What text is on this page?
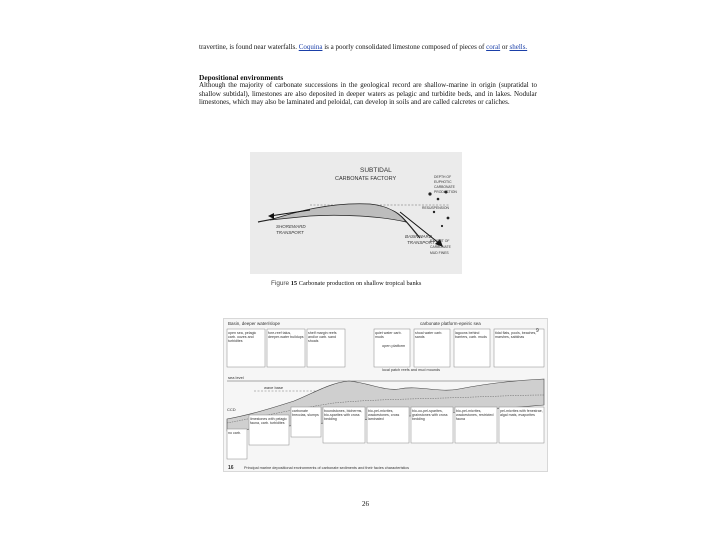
travertine, is found near waterfalls. Coquina is a poorly consolidated limestone composed of pieces of coral or shells.
Depositional environments
Although the majority of carbonate successions in the geological record are shallow-marine in origin (supratidal to shallow subtidal), limestones are also deposited in deeper waters as pelagic and turbidite beds, and in lakes. Nodular limestones, which may also be laminated and peloidal, can develop in soils and are called calcretes or caliches.
SUBTIDAL
CARBONATE FACTORY	DEPTH OF
EUPHOTIC
CARBONATE
PRODUCTION
RESUSPENSION
SHOREWARD
TRANSPORT
BASINWARD
TRANSPORT
EXPORT OF
CARBONATE
MUD FINES
Figure 15 Carbonate production on shallow tropical banks
Basin, deeper water/slope	carbonate platform-epeiric sea
9
open sea, pelagic carb. oozes and turbidites
fore-reef talus, deeper-water buildups
shelf margin reefs and/or carb. sand shoals
quiet water carb. muds
shoal water carb. sands
lagoons behind barriers, carb. muds
tidal flats, pools, beaches, marshes, sabkhas
open platform
local patch reefs and mud mounds
sea level
wave base
CCD
no carb.
limestones with pelagic fauna, carb. turbidites
carbonate breccias, slumps
boundstones, bioherms, bio-sparites with cross bedding
bio-pel-micrites, wackestones, cross laminated
bio-oo-pel-sparites, grainstones with cross bedding
bio-pel-micrites, wackestones, restricted fauna
pel-micrites with fenestrae, algal mats, evaporites
16	Principal marine depositional environments of carbonate sediments and their facies characteristics
26
